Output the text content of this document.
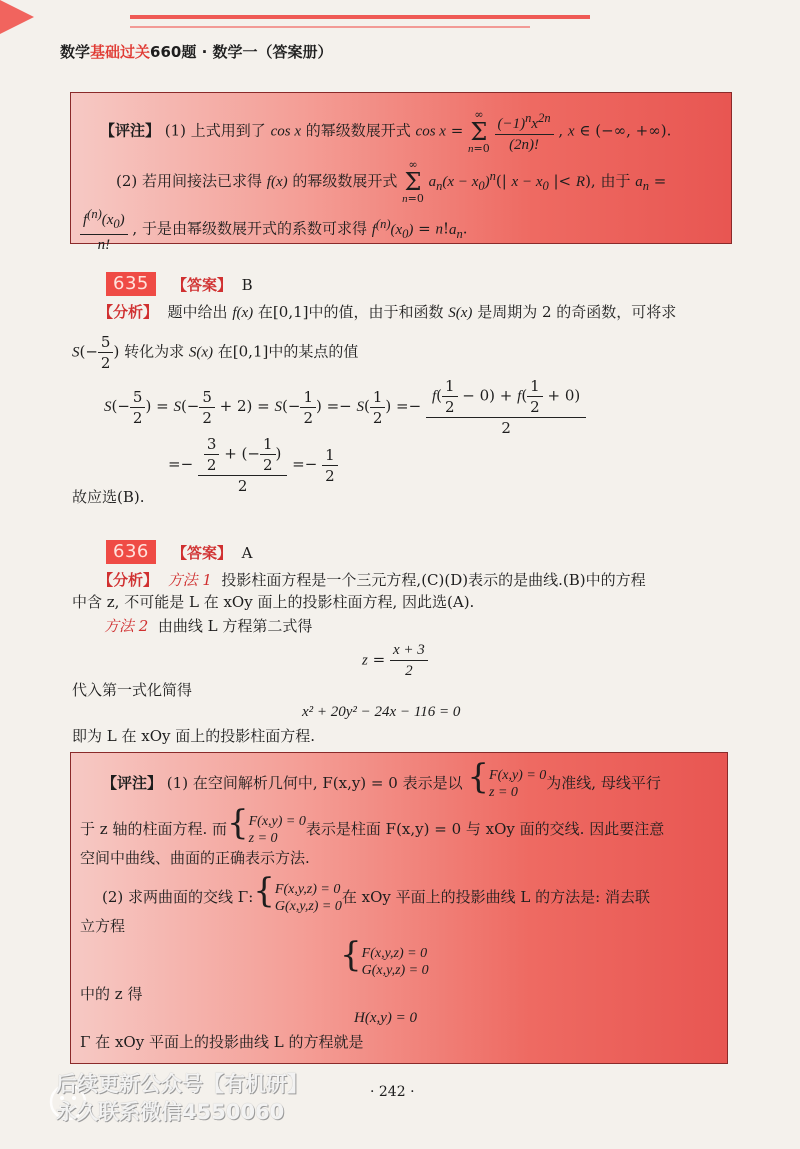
数学基础过关660题 · 数学一（答案册）
【评注】 (1) 上式用到了 cos x 的幂级数展开式 cos x = ∞
Σ
$n=0 \frac{(-1)^nx^{2n}}{(2n)!}$ , x ∈ (−∞, +∞).
(2) 若用间接法已求得 f(x) 的幂级数展开式 ∞
Σ
n=0 $a_n(x - x_0)^n(|$ $x - x_0$ |< R), 由于 $a_n$ =
$\frac{f^{(n)}(x_0)}{n!}$ , 于是由幂级数展开式的系数可求得 $f^{(n)}(x_0) = n!a_n$.
635	【答案】 B
【分析】  题中给出 f(x) 在[0,1]中的值，由于和函数 S(x) 是周期为 2 的奇函数，可将求
$S(- \frac{5}{2}$ ) 转化为求 S(x) 在[0,1]中的某点的值
$S(- \frac{5}{2}$ ) = $S(- \frac{5}{2} + 2) = S(- \frac{1}{2}$ ) =− $S( \frac{1}{2}$ ) =− $\frac{f( \frac{1}{2} - 0) + f( \frac{1}{2} + 0)}{2}$
=− $\frac{\frac{3}{2} + (- \frac{1}{2} )}{2} =- \frac{1}{2}$
故应选(B).
636	【答案】 A
【分析】 方法 1 投影柱面方程是一个三元方程,(C)(D)表示的是曲线.(B)中的方程
中含 z, 不可能是 L 在 xOy 面上的投影柱面方程, 因此选(A).
方法 2 由曲线 L 方程第二式得
$z = \frac{x + 3}{2}$
代入第一式化简得
x² + 20y² − 24x − 116 = 0
即为 L 在 xOy 面上的投影柱面方程.
【评注】 (1) 在空间解析几何中, F(x,y) = 0 表示是以 {F(x,y) = 0
z = 0为准线, 母线平行
于 z 轴的柱面方程. 而{F(x,y) = 0
z = 0表示是柱面 F(x,y) = 0 与 xOy 面的交线. 因此要注意
空间中曲线、曲面的正确表示方法.
(2) 求两曲面的交线 Γ:{F(x,y,z) = 0
G(x,y,z) = 0在 xOy 平面上的投影曲线 L 的方法是: 消去联
立方程
{F(x,y,z) = 0
G(x,y,z) = 0
中的 z 得
H(x,y) = 0
Γ 在 xOy 平面上的投影曲线 L 的方程就是
· 242 ·
后续更新公众号【有机研】
永久联系微信4550060
